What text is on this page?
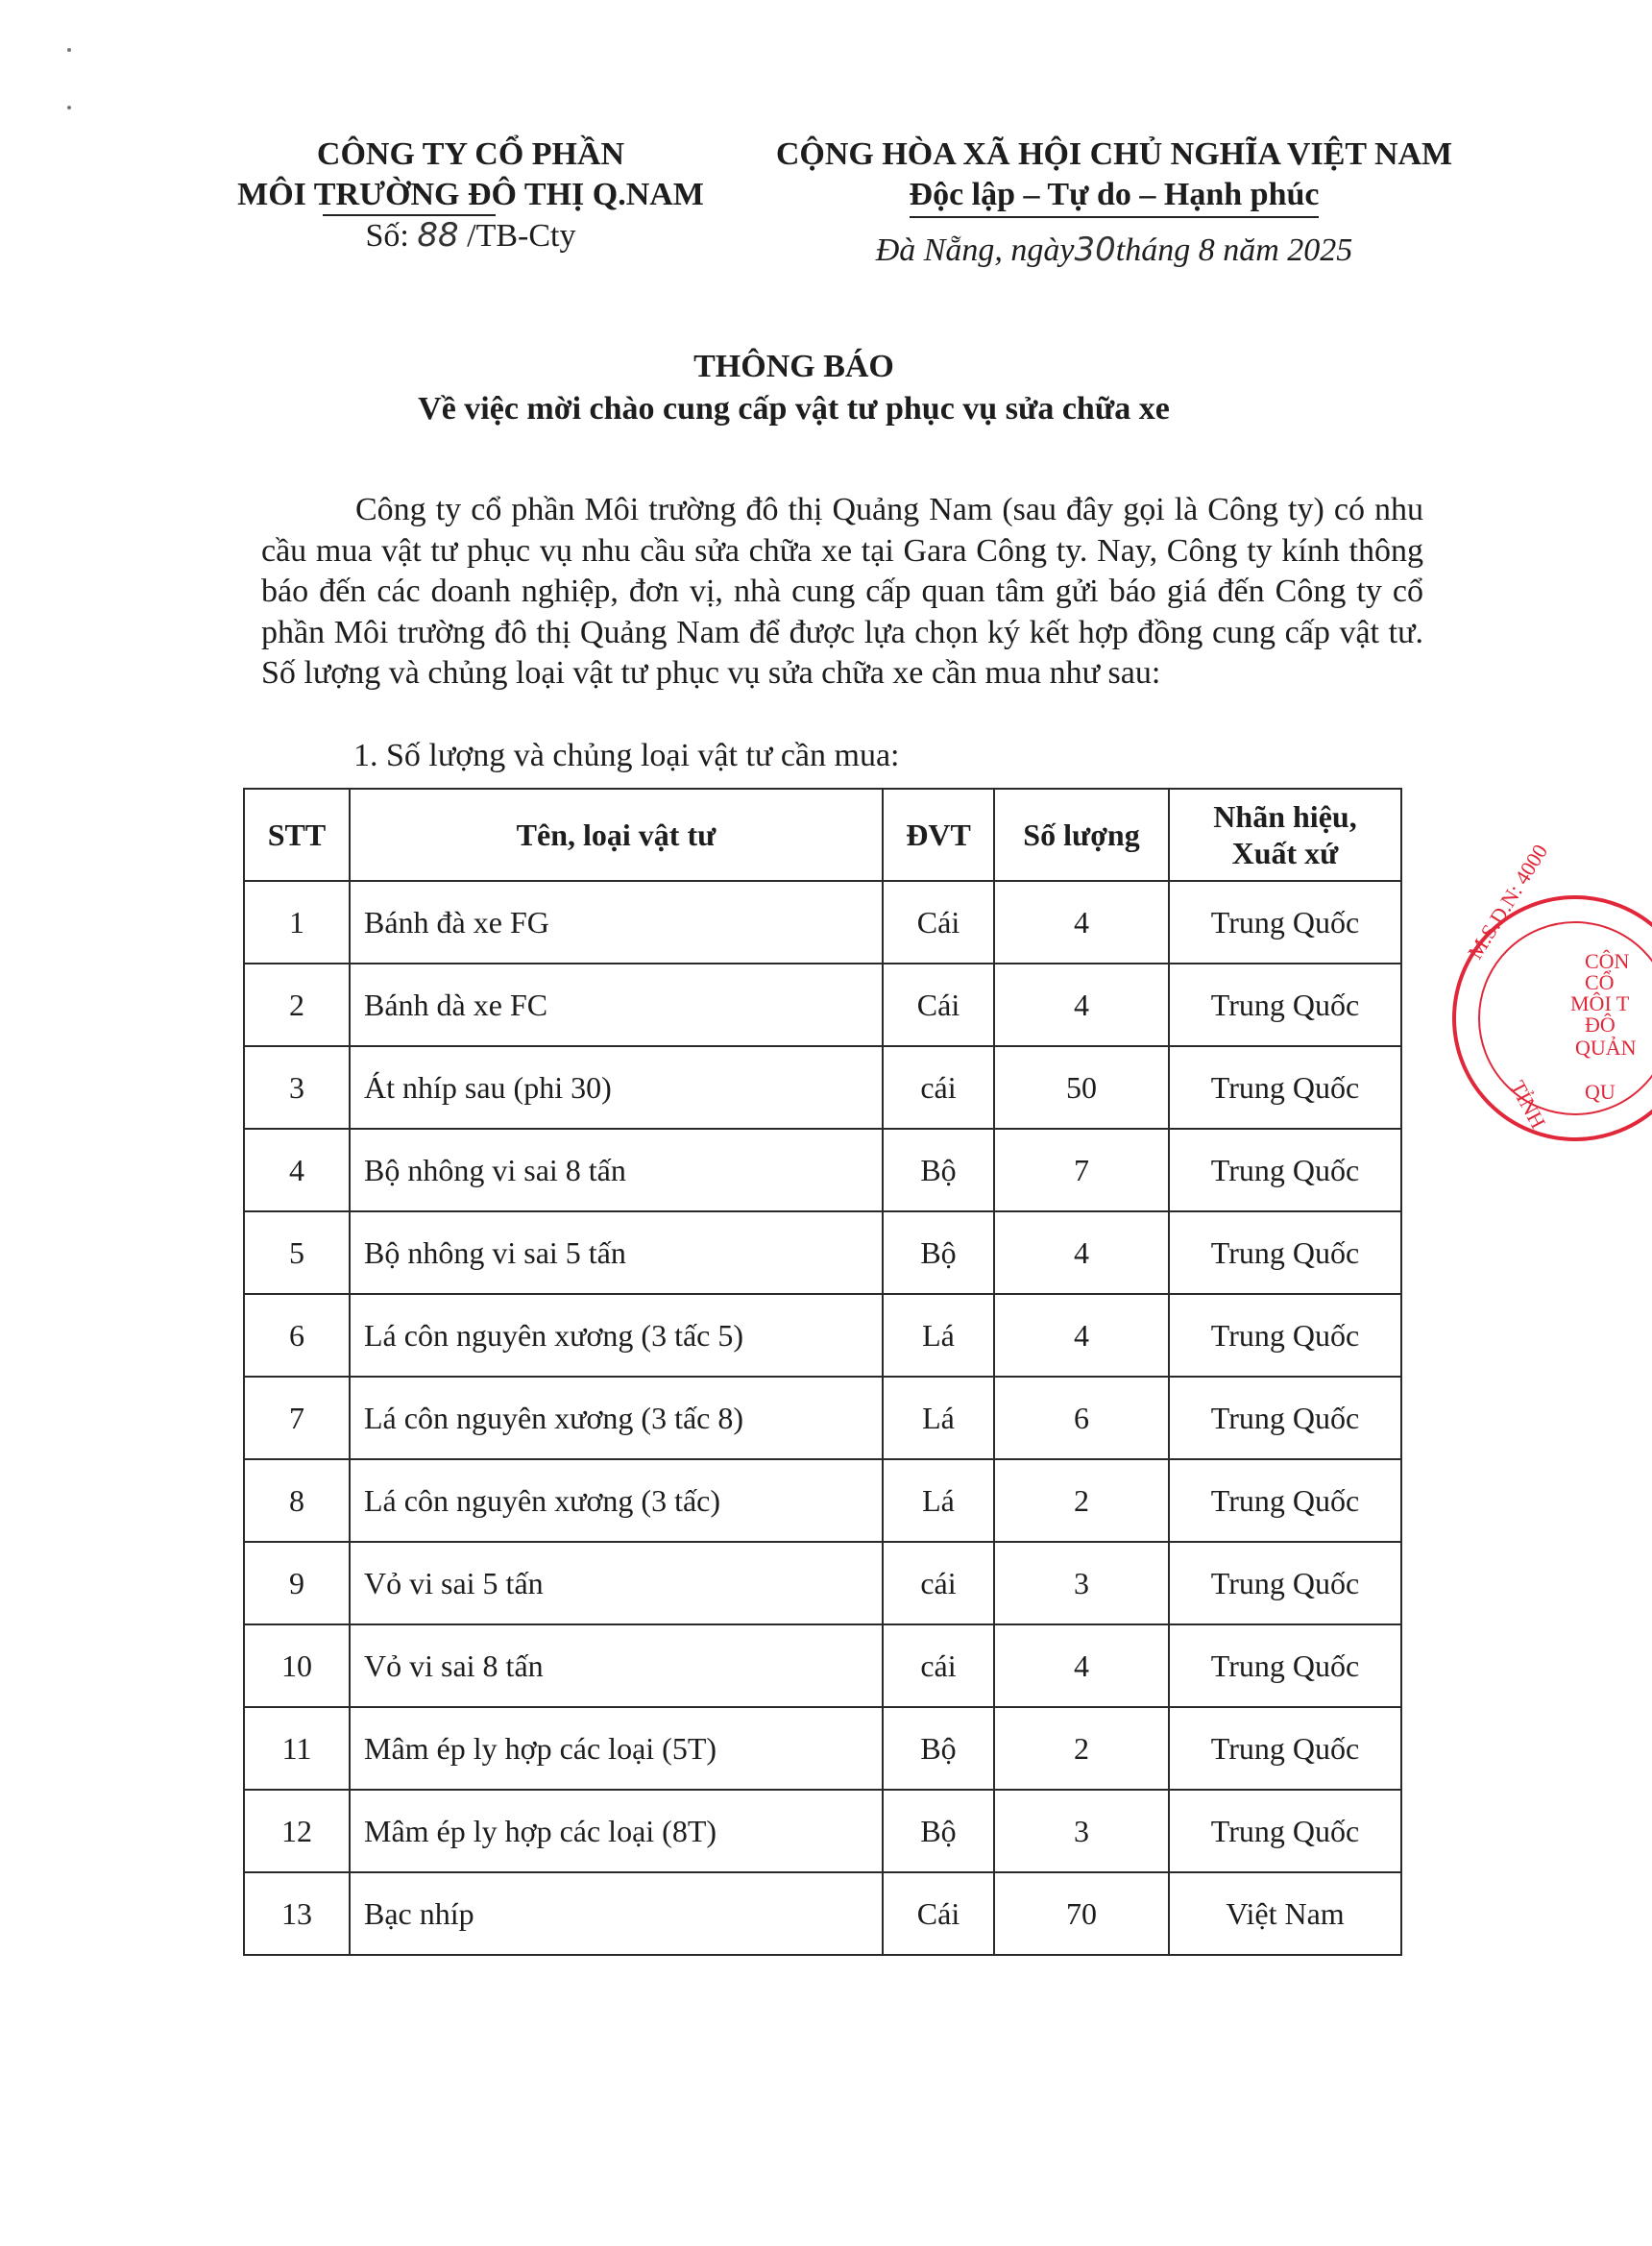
CÔNG TY CỔ PHẦN
MÔI TRƯỜNG ĐÔ THỊ Q.NAM
Số: 88 /TB-Cty
CỘNG HÒA XÃ HỘI CHỦ NGHĨA VIỆT NAM
Độc lập – Tự do – Hạnh phúc
Đà Nẵng, ngày30tháng 8 năm 2025
THÔNG BÁO
Về việc mời chào cung cấp vật tư phục vụ sửa chữa xe

Công ty cổ phần Môi trường đô thị Quảng Nam (sau đây gọi là Công ty) có nhu cầu mua vật tư phục vụ nhu cầu sửa chữa xe tại Gara Công ty. Nay, Công ty kính thông báo đến các doanh nghiệp, đơn vị, nhà cung cấp quan tâm gửi báo giá đến Công ty cổ phần Môi trường đô thị Quảng Nam để được lựa chọn ký kết hợp đồng cung cấp vật tư. Số lượng và chủng loại vật tư phục vụ sửa chữa xe cần mua như sau:

1. Số lượng và chủng loại vật tư cần mua:
STT	Tên, loại vật tư	ĐVT	Số lượng	Nhãn hiệu,
Xuất xứ

1	Bánh đà xe FG	Cái	4	Trung Quốc
2	Bánh dà xe FC	Cái	4	Trung Quốc
3	Át nhíp sau (phi 30)	cái	50	Trung Quốc
4	Bộ nhông vi sai 8 tấn	Bộ	7	Trung Quốc
5	Bộ nhông vi sai 5 tấn	Bộ	4	Trung Quốc
6	Lá côn nguyên xương (3 tấc 5)	Lá	4	Trung Quốc
7	Lá côn nguyên xương (3 tấc 8)	Lá	6	Trung Quốc
8	Lá côn nguyên xương (3 tấc)	Lá	2	Trung Quốc
9	Vỏ vi sai 5 tấn	cái	3	Trung Quốc
10	Vỏ vi sai 8 tấn	cái	4	Trung Quốc
11	Mâm ép ly hợp các loại (5T)	Bộ	2	Trung Quốc
12	Mâm ép ly hợp các loại (8T)	Bộ	3	Trung Quốc
13	Bạc nhíp	Cái	70	Việt Nam
M.S.D.N: 4000 CÔN
CỔ
MÔI T
ĐÔ
QUẢN
TỈNH QU
